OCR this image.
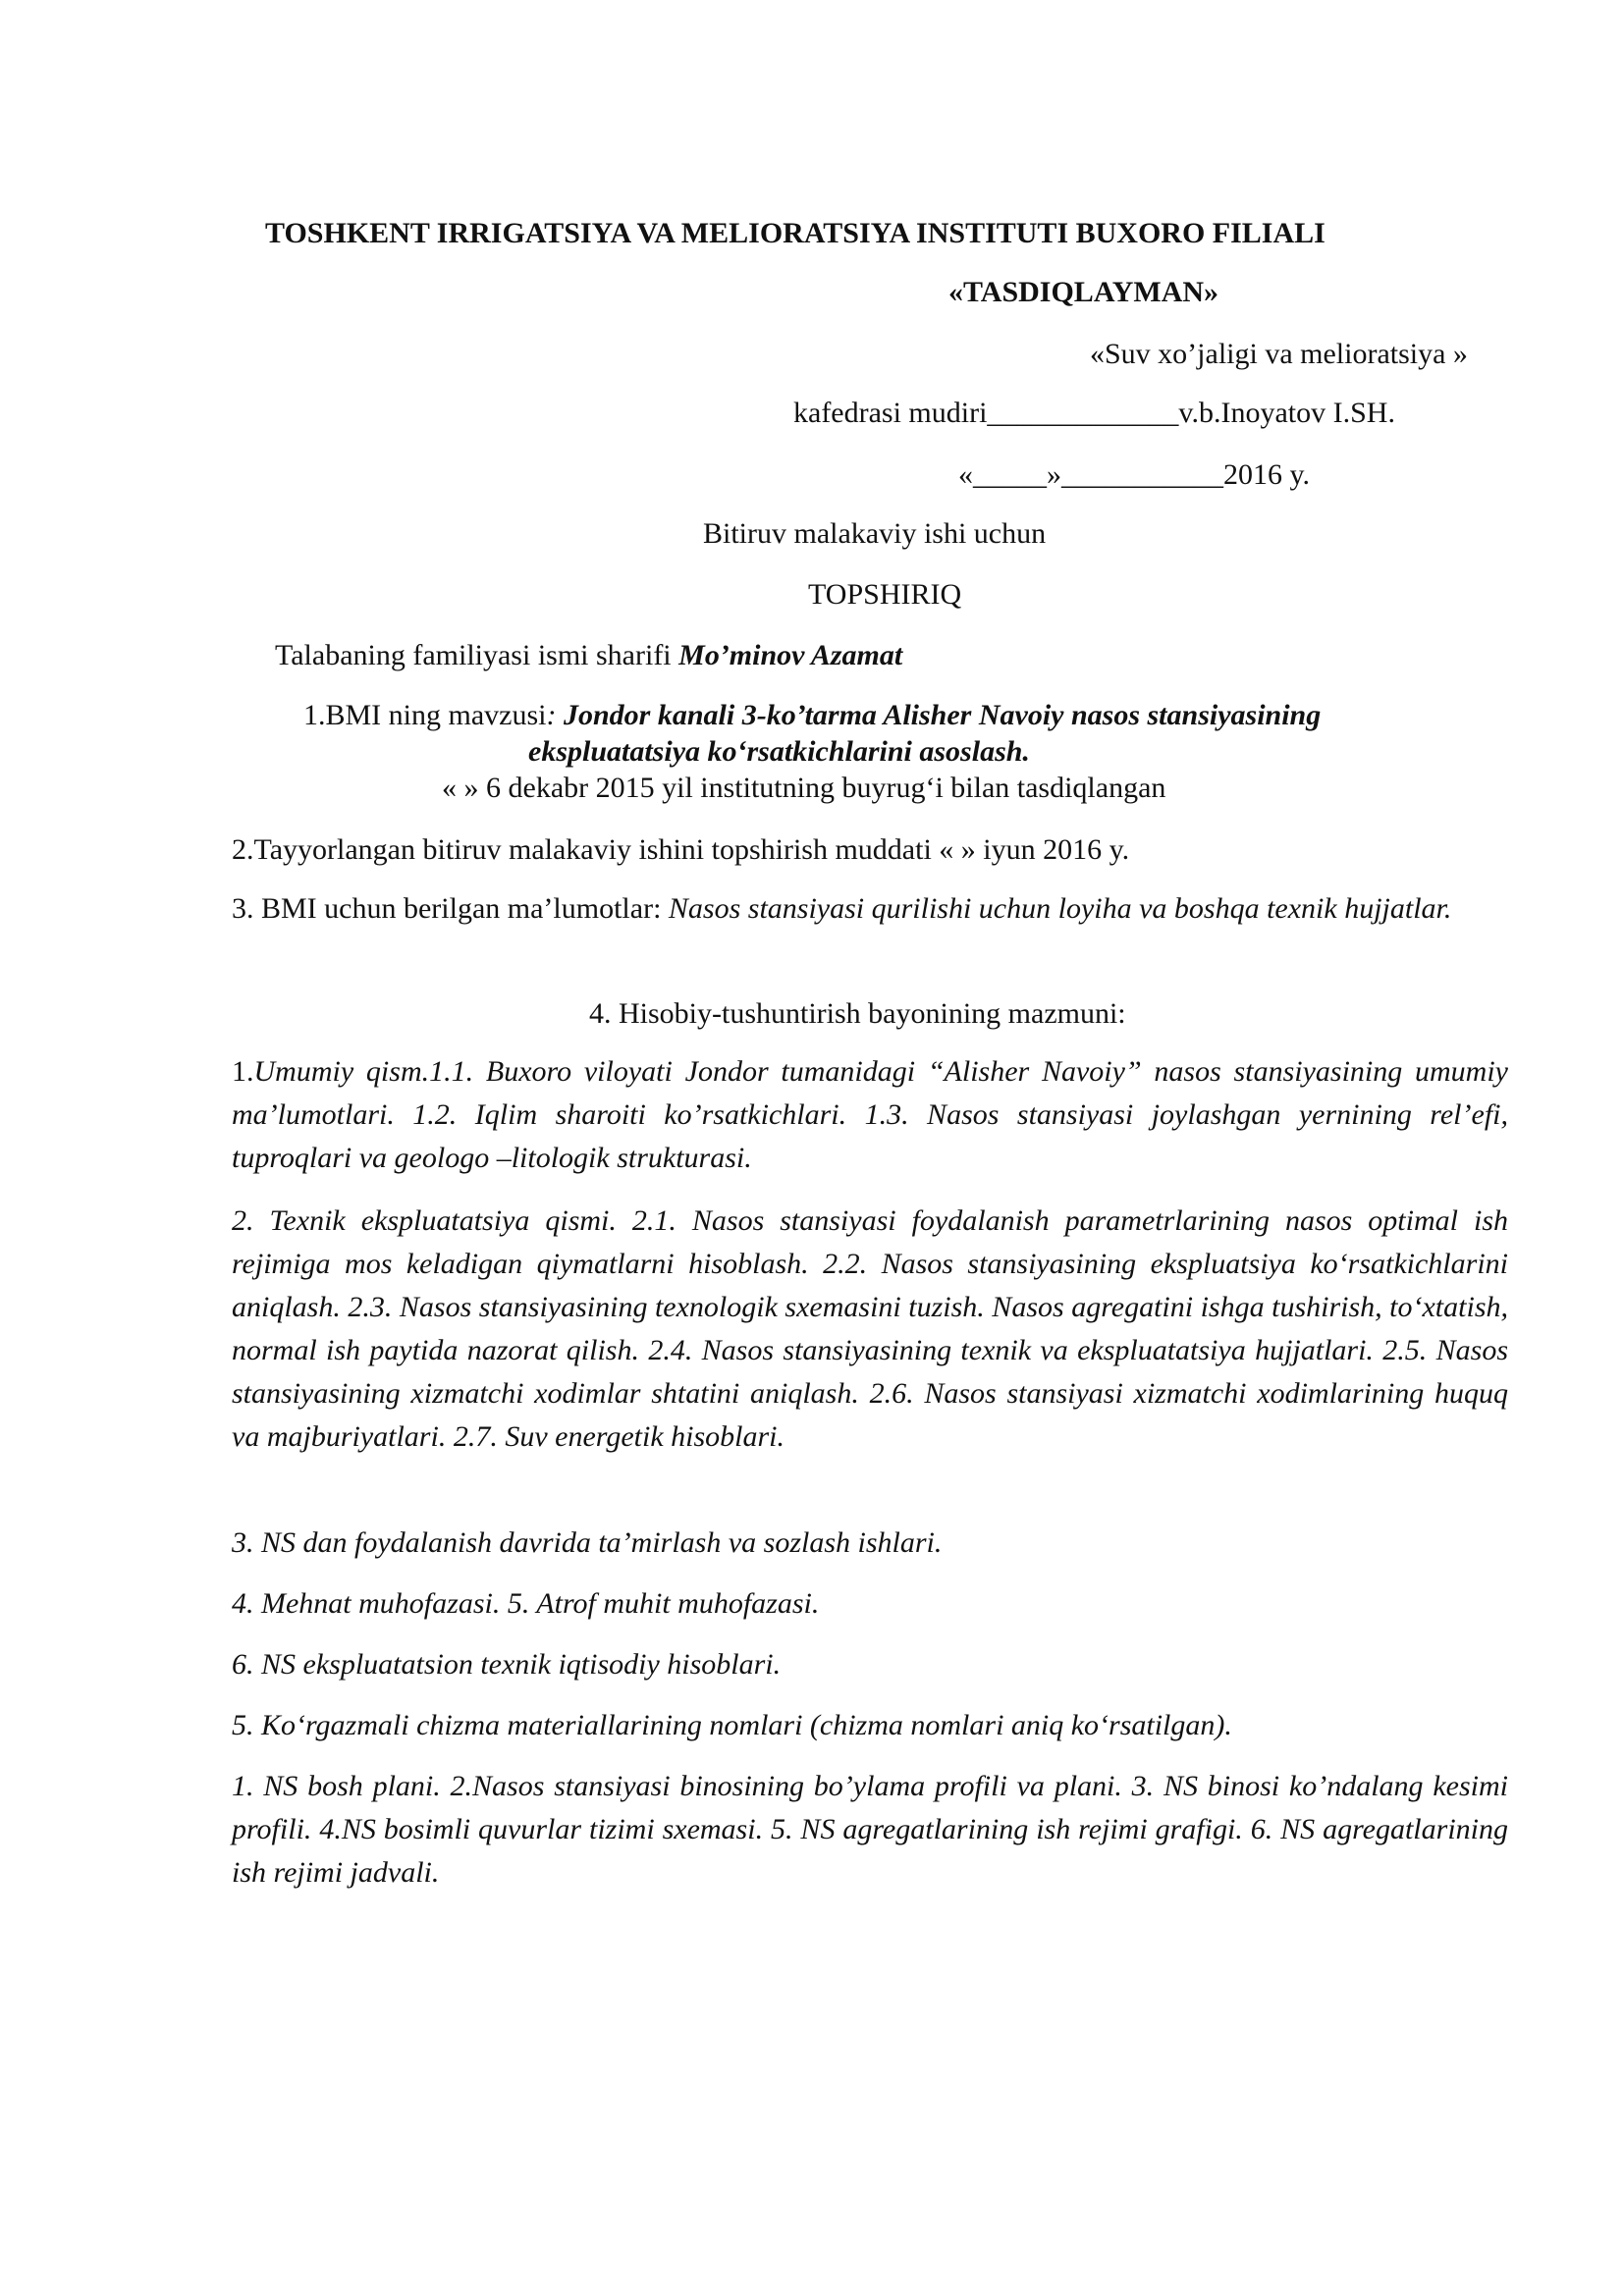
TOSHKENT IRRIGATSIYA VA MELIORATSIYA INSTITUTI BUXORO FILIALI
«TASDIQLAYMAN»
«Suv xo’jaligi va melioratsiya »
kafedrasi mudiri_____________v.b.Inoyatov I.SH.
«_____»___________2016 y.
Bitiruv malakaviy ishi uchun
TOPSHIRIQ
Talabaning familiyasi ismi sharifi Mo’minov Azamat
1.BMI ning mavzusi: Jondor kanali 3-ko’tarma Alisher Navoiy nasos stansiyasining
ekspluatatsiya ko‘rsatkichlarini asoslash.
« » 6 dekabr 2015 yil institutning buyrug‘i bilan tasdiqlangan
2.Tayyorlangan bitiruv malakaviy ishini topshirish muddati « » iyun 2016 y.
3. BMI uchun berilgan ma’lumotlar: Nasos stansiyasi qurilishi uchun loyiha va boshqa texnik hujjatlar.
4. Hisobiy-tushuntirish bayonining mazmuni:
1.Umumiy qism.1.1. Buxoro viloyati Jondor tumanidagi “Alisher Navoiy” nasos stansiyasining umumiy ma’lumotlari. 1.2. Iqlim sharoiti ko’rsatkichlari. 1.3. Nasos stansiyasi joylashgan yernining rel’efi, tuproqlari va geologo –litologik strukturasi.
2. Texnik ekspluatatsiya qismi. 2.1. Nasos stansiyasi foydalanish parametrlarining nasos optimal ish rejimiga mos keladigan qiymatlarni hisoblash. 2.2. Nasos stansiyasining ekspluatsiya ko‘rsatkichlarini aniqlash. 2.3. Nasos stansiyasining texnologik sxemasini tuzish. Nasos agregatini ishga tushirish, to‘xtatish, normal ish paytida nazorat qilish. 2.4. Nasos stansiyasining texnik va ekspluatatsiya hujjatlari. 2.5. Nasos stansiyasining xizmatchi xodimlar shtatini aniqlash. 2.6. Nasos stansiyasi xizmatchi xodimlarining huquq va majburiyatlari. 2.7. Suv energetik hisoblari.
3. NS dan foydalanish davrida ta’mirlash va sozlash ishlari.
4. Mehnat muhofazasi. 5. Atrof muhit muhofazasi.
6. NS ekspluatatsion texnik iqtisodiy hisoblari.
5. Ko‘rgazmali chizma materiallarining nomlari (chizma nomlari aniq ko‘rsatilgan).
1. NS bosh plani. 2.Nasos stansiyasi binosining bo’ylama profili va plani. 3. NS binosi ko’ndalang kesimi profili. 4.NS bosimli quvurlar tizimi sxemasi. 5. NS agregatlarining ish rejimi grafigi. 6. NS agregatlarining ish rejimi jadvali.
